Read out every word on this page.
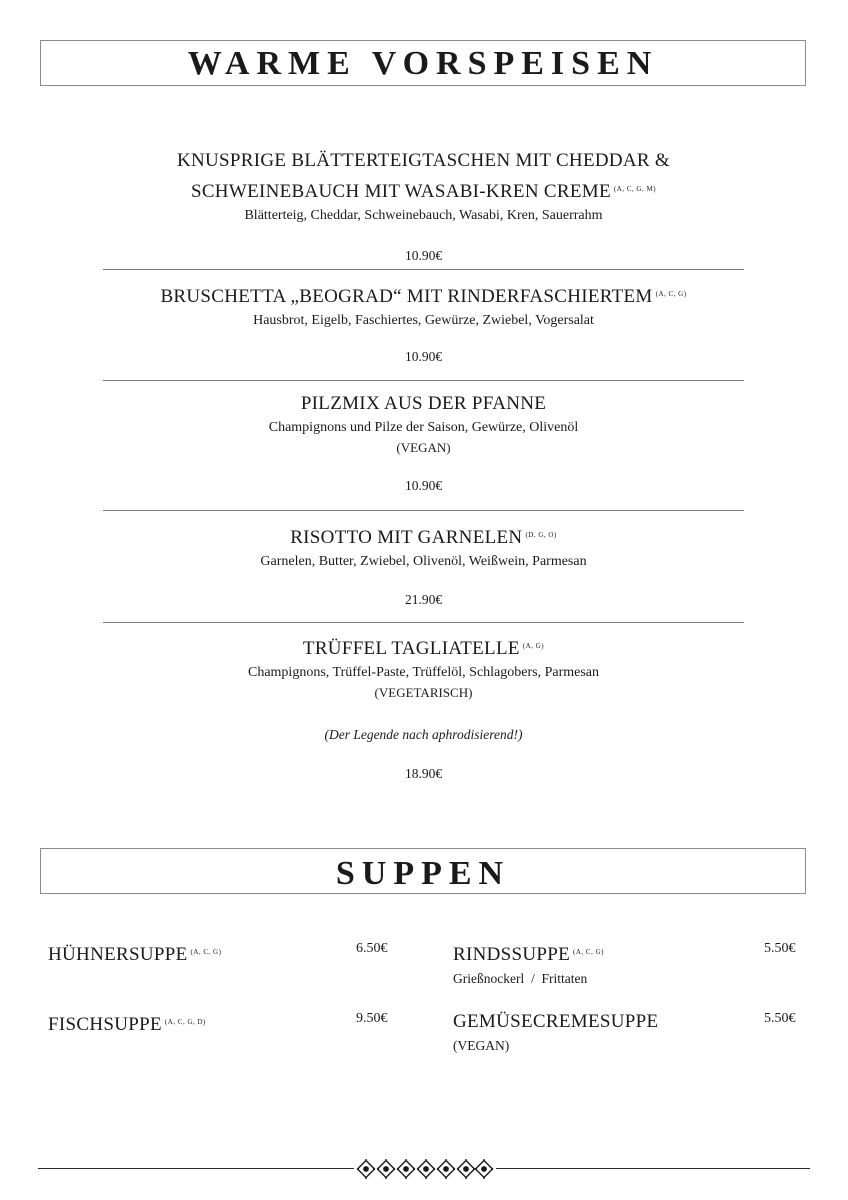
WARME VORSPEISEN
KNUSPRIGE BLÄTTERTEIGTASCHEN MIT CHEDDAR &
SCHWEINEBAUCH MIT WASABI-KREN CREME $^{(A, C, G, M)}$
Blätterteig, Cheddar, Schweinebauch, Wasabi, Kren, Sauerrahm
10.90€
BRUSCHETTA „BEOGRAD“ MIT RINDERFASCHIERTEM $^{(A, C, G)}$
Hausbrot, Eigelb, Faschiertes, Gewürze, Zwiebel, Vogersalat
10.90€
PILZMIX AUS DER PFANNE
Champignons und Pilze der Saison, Gewürze, Olivenöl
(VEGAN)
10.90€
RISOTTO MIT GARNELEN $^{(D, G, O)}$
Garnelen, Butter, Zwiebel, Olivenöl, Weißwein, Parmesan
21.90€
TRÜFFEL TAGLIATELLE $^{(A, G)}$
Champignons, Trüffel-Paste, Trüffelöl, Schlagobers, Parmesan
(VEGETARISCH)
(Der Legende nach aphrodisierend!)
18.90€
SUPPEN
HÜHNERSUPPE $^{(A, C, G)}$	6.50€	RINDSSUPPE $^{(A, C, G)}$
Grießnockerl  /  Frittaten
5.50€
FISCHSUPPE $^{(A, C, G, D)}$	9.50€	GEMÜSECREMESUPPE
(VEGAN)
5.50€
